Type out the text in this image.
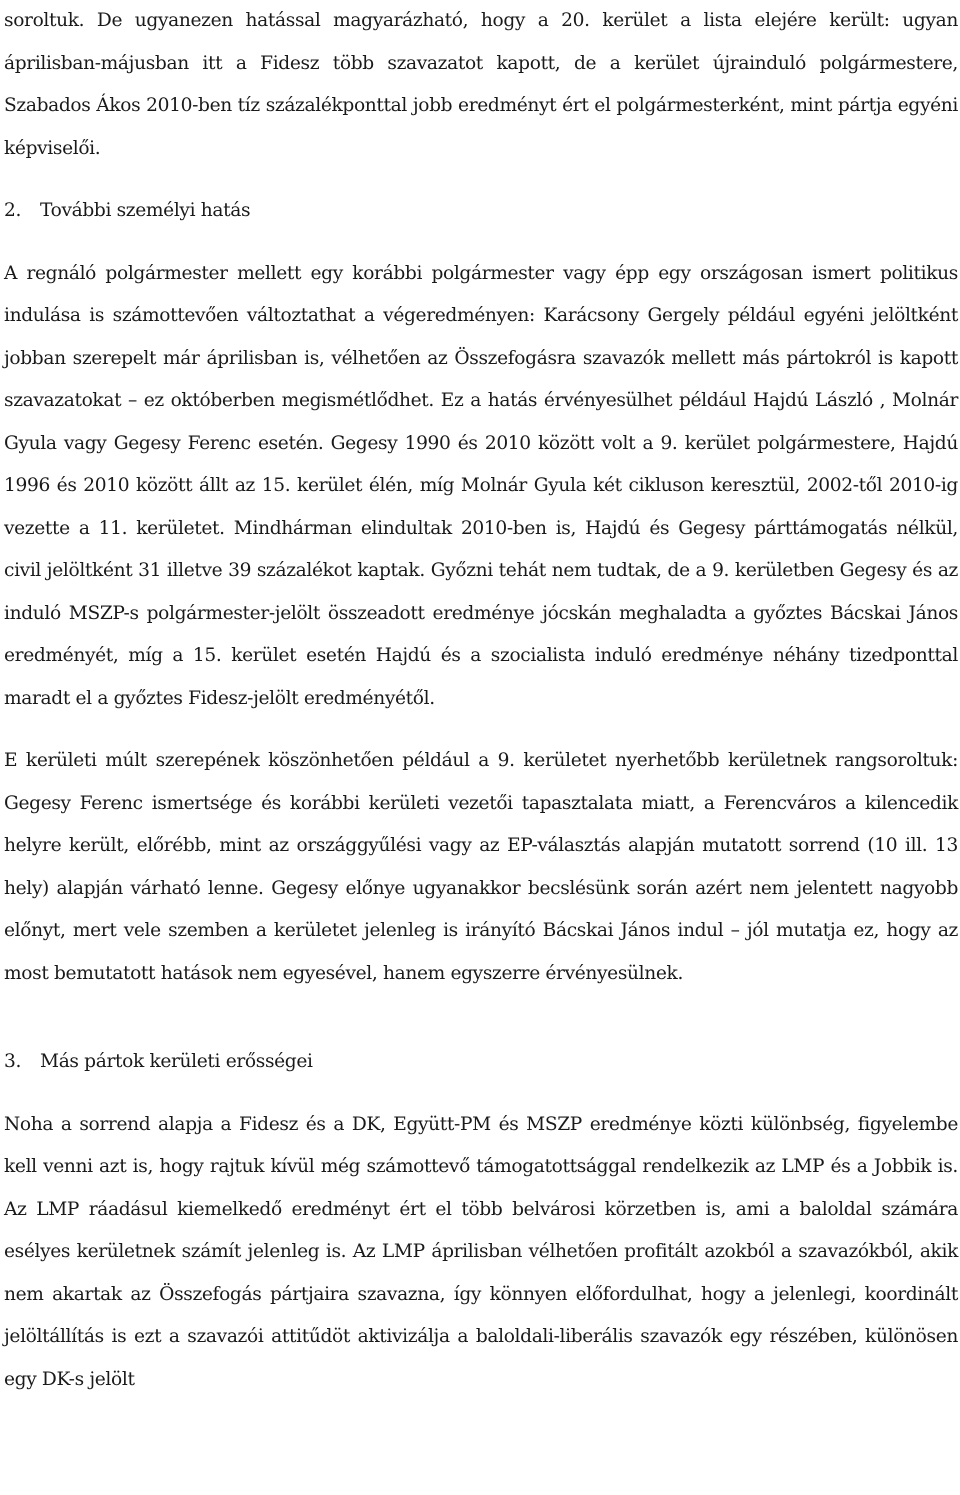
soroltuk. De ugyanezen hatással magyarázható, hogy a 20. kerület a lista elejére került: ugyan áprilisban-májusban itt a Fidesz több szavazatot kapott, de a kerület újrainduló polgármestere, Szabados Ákos 2010-ben tíz százalékponttal jobb eredményt ért el polgármesterként, mint pártja egyéni képviselői.

2. További személyi hatás

A regnáló polgármester mellett egy korábbi polgármester vagy épp egy országosan ismert politikus indulása is számottevően változtathat a végeredményen: Karácsony Gergely például egyéni jelöltként jobban szerepelt már áprilisban is, vélhetően az Összefogásra szavazók mellett más pártokról is kapott szavazatokat – ez októberben megismétlődhet. Ez a hatás érvényesülhet például Hajdú László , Molnár Gyula vagy Gegesy Ferenc esetén. Gegesy 1990 és 2010 között volt a 9. kerület polgármestere, Hajdú 1996 és 2010 között állt az 15. kerület élén, míg Molnár Gyula két cikluson keresztül, 2002-től 2010-ig vezette a 11. kerületet. Mindhárman elindultak 2010-ben is, Hajdú és Gegesy párttámogatás nélkül, civil jelöltként 31 illetve 39 százalékot kaptak. Győzni tehát nem tudtak, de a 9. kerületben Gegesy és az induló MSZP-s polgármester-jelölt összeadott eredménye jócskán meghaladta a győztes Bácskai János eredményét, míg a 15. kerület esetén Hajdú és a szocialista induló eredménye néhány tizedponttal maradt el a győztes Fidesz-jelölt eredményétől.

E kerületi múlt szerepének köszönhetően például a 9. kerületet nyerhetőbb kerületnek rangsoroltuk: Gegesy Ferenc ismertsége és korábbi kerületi vezetői tapasztalata miatt, a Ferencváros a kilencedik helyre került, előrébb, mint az országgyűlési vagy az EP-választás alapján mutatott sorrend (10 ill. 13 hely) alapján várható lenne. Gegesy előnye ugyanakkor becslésünk során azért nem jelentett nagyobb előnyt, mert vele szemben a kerületet jelenleg is irányító Bácskai János indul – jól mutatja ez, hogy az most bemutatott hatások nem egyesével, hanem egyszerre érvényesülnek.

3. Más pártok kerületi erősségei

Noha a sorrend alapja a Fidesz és a DK, Együtt-PM és MSZP eredménye közti különbség, figyelembe kell venni azt is, hogy rajtuk kívül még számottevő támogatottsággal rendelkezik az LMP és a Jobbik is. Az LMP ráadásul kiemelkedő eredményt ért el több belvárosi körzetben is, ami a baloldal számára esélyes kerületnek számít jelenleg is. Az LMP áprilisban vélhetően profitált azokból a szavazókból, akik nem akartak az Összefogás pártjaira szavazna, így könnyen előfordulhat, hogy a jelenlegi, koordinált jelöltállítás is ezt a szavazói attitűdöt aktivizálja a baloldali-liberális szavazók egy részében, különösen egy DK-s jelölt
